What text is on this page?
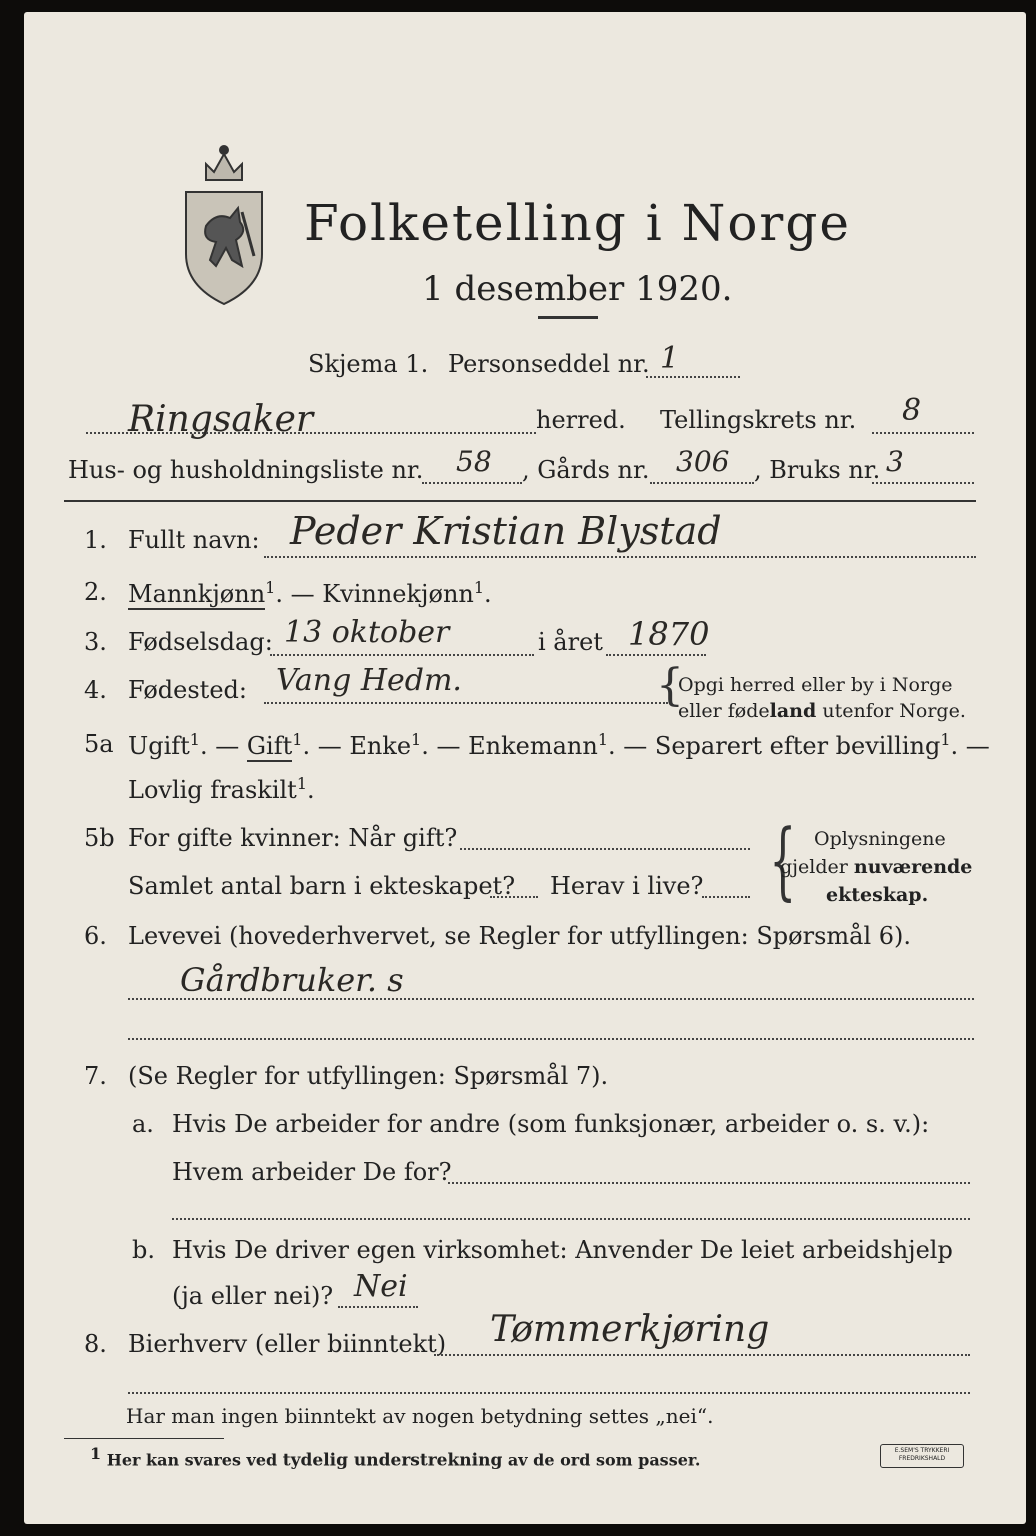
Folketelling i Norge
1 desember 1920.
Skjema 1. Personseddel nr. 1
Ringsaker	herred. Tellingskrets nr. 8
Hus- og husholdningsliste nr. 58 , Gårds nr. 306 , Bruks nr. 3
1. Fullt navn: Peder Kristian Blystad
2. Mannkjønn$^1$. — Kvinnekjønn$^1$.
3. Fødselsdag: 13 oktober	i året 1870
4. Fødested: Vang Hedm.	{
Opgi herred eller by i Norge
eller fødeland utenfor Norge.
5a Ugift$^1$. — Gift$^1$. — Enke$^1$. — Enkemann$^1$. — Separert efter bevilling$^1$. —
Lovlig fraskilt$^1$.
5b For gifte kvinner: Når gift?
Samlet antal barn i ekteskapet? Herav i live? { Oplysningene
gjelder nuværende
ekteskap.
6. Levevei (hovederhvervet, se Regler for utfyllingen: Spørsmål 6).
Gårdbruker. s
7. (Se Regler for utfyllingen: Spørsmål 7).
a. Hvis De arbeider for andre (som funksjonær, arbeider o. s. v.):
Hvem arbeider De for?
b. Hvis De driver egen virksomhet: Anvender De leiet arbeidshjelp
(ja eller nei)? Nei
8. Bierhverv (eller biinntekt) Tømmerkjøring
Har man ingen biinntekt av nogen betydning settes „nei“.
$^1$ Her kan svares ved tydelig understrekning av de ord som passer.	E.SEM'S TRYKKERI
FREDRIKSHALD
